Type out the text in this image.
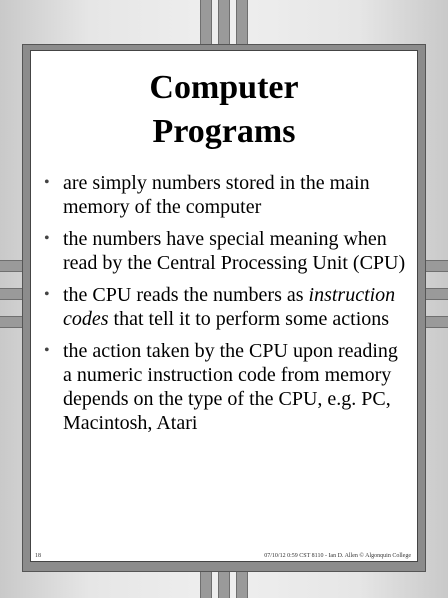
Computer
Programs
• are simply numbers stored in the main memory of the computer
• the numbers have special meaning when read by the Central Processing Unit (CPU)
• the CPU reads the numbers as instruction codes that tell it to perform some actions
• the action taken by the CPU upon reading a numeric instruction code from memory depends on the type of the CPU, e.g. PC, Macintosh, Atari
18	07/10/12 0:59 CST 8110 - Ian D. Allen © Algonquin College
